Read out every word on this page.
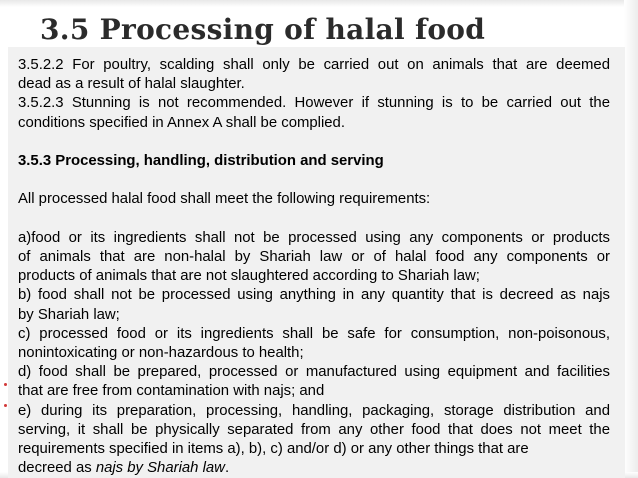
3.5 Processing of halal food

3.5.2.2 For poultry, scalding shall only be carried out on animals that are deemed

dead as a result of halal slaughter.

3.5.2.3 Stunning is not recommended. However if stunning is to be carried out the

conditions specified in Annex A shall be complied.

3.5.3 Processing, handling, distribution and serving

All processed halal food shall meet the following requirements:

a)food or its ingredients shall not be processed using any components or products

of animals that are non-halal by Shariah law or of halal food any components or

products of animals that are not slaughtered according to Shariah law;

b) food shall not be processed using anything in any quantity that is decreed as najs

by Shariah law;

c) processed food or its ingredients shall be safe for consumption, non-poisonous,

nonintoxicating or non-hazardous to health;

d) food shall be prepared, processed or manufactured using equipment and facilities

that are free from contamination with najs; and

e) during its preparation, processing, handling, packaging, storage distribution and

serving, it shall be physically separated from any other food that does not meet the

requirements specified in items a), b), c) and/or d) or any other things that are

decreed as najs by Shariah law.
